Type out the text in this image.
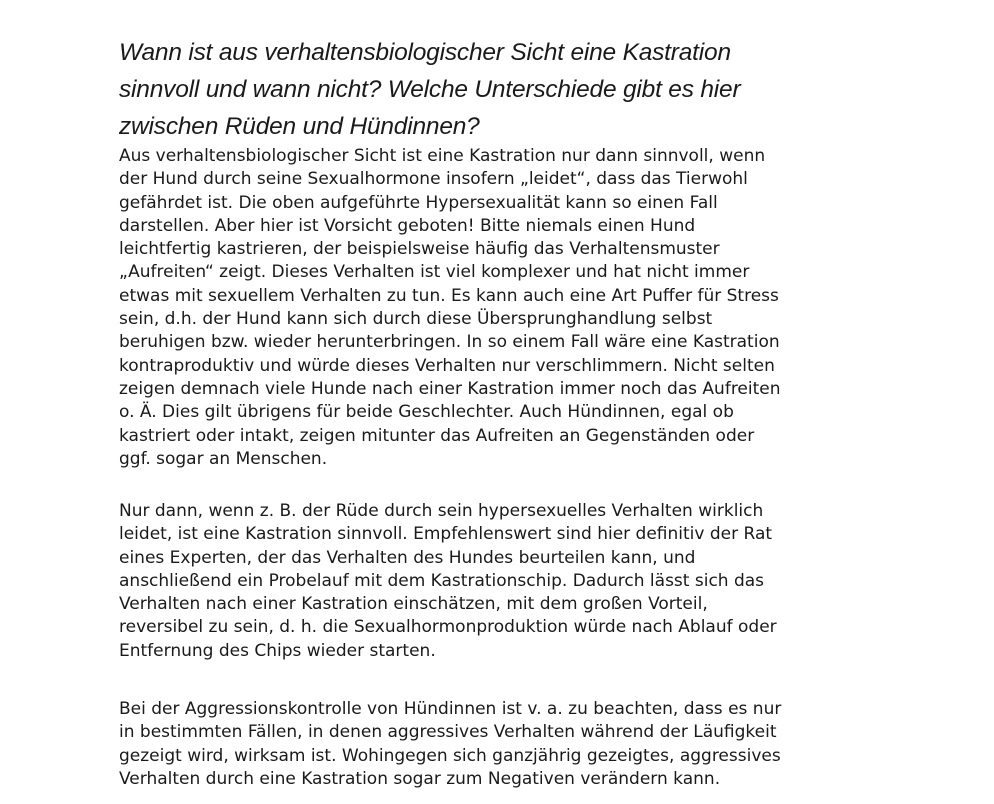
Wann ist aus verhaltensbiologischer Sicht eine Kastration
sinnvoll und wann nicht? Welche Unterschiede gibt es hier
zwischen Rüden und Hündinnen?

Aus verhaltensbiologischer Sicht ist eine Kastration nur dann sinnvoll, wenn
der Hund durch seine Sexualhormone insofern „leidet“, dass das Tierwohl
gefährdet ist. Die oben aufgeführte Hypersexualität kann so einen Fall
darstellen. Aber hier ist Vorsicht geboten! Bitte niemals einen Hund
leichtfertig kastrieren, der beispielsweise häufig das Verhaltensmuster
„Aufreiten“ zeigt. Dieses Verhalten ist viel komplexer und hat nicht immer
etwas mit sexuellem Verhalten zu tun. Es kann auch eine Art Puffer für Stress
sein, d.h. der Hund kann sich durch diese Übersprunghandlung selbst
beruhigen bzw. wieder herunterbringen. In so einem Fall wäre eine Kastration
kontraproduktiv und würde dieses Verhalten nur verschlimmern. Nicht selten
zeigen demnach viele Hunde nach einer Kastration immer noch das Aufreiten
o. Ä. Dies gilt übrigens für beide Geschlechter. Auch Hündinnen, egal ob
kastriert oder intakt, zeigen mitunter das Aufreiten an Gegenständen oder
ggf. sogar an Menschen.

Nur dann, wenn z. B. der Rüde durch sein hypersexuelles Verhalten wirklich
leidet, ist eine Kastration sinnvoll. Empfehlenswert sind hier definitiv der Rat
eines Experten, der das Verhalten des Hundes beurteilen kann, und
anschließend ein Probelauf mit dem Kastrationschip. Dadurch lässt sich das
Verhalten nach einer Kastration einschätzen, mit dem großen Vorteil,
reversibel zu sein, d. h. die Sexualhormonproduktion würde nach Ablauf oder
Entfernung des Chips wieder starten.

Bei der Aggressionskontrolle von Hündinnen ist v. a. zu beachten, dass es nur
in bestimmten Fällen, in denen aggressives Verhalten während der Läufigkeit
gezeigt wird, wirksam ist. Wohingegen sich ganzjährig gezeigtes, aggressives
Verhalten durch eine Kastration sogar zum Negativen verändern kann.
